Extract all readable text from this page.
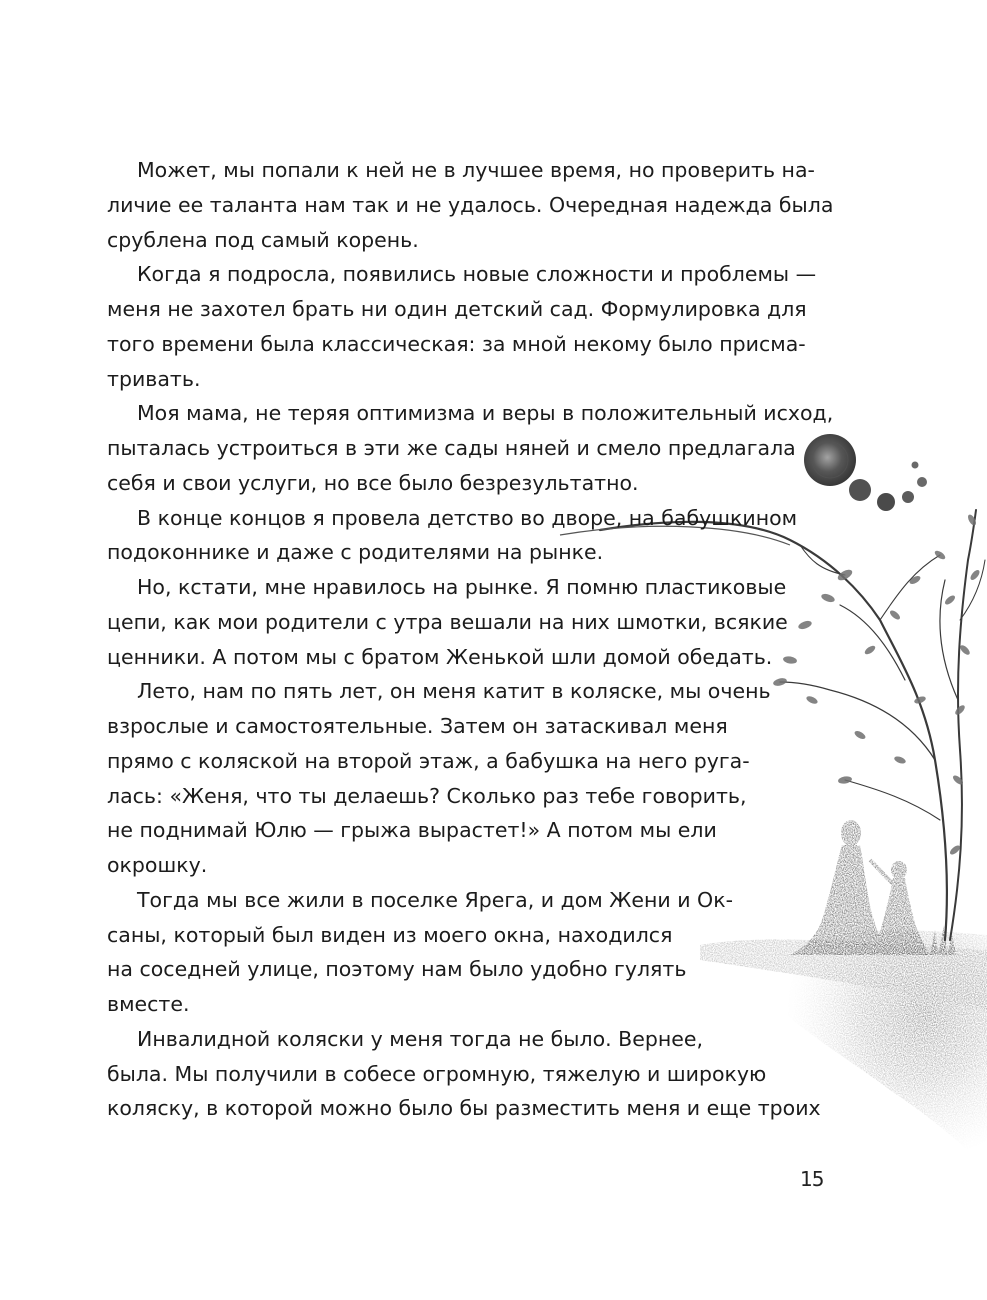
Может, мы попали к ней не в лучшее время, но проверить на-
личие ее таланта нам так и не удалось. Очередная надежда была
срублена под самый корень.
Когда я подросла, появились новые сложности и проблемы —
меня не захотел брать ни один детский сад. Формулировка для
того времени была классическая: за мной некому было присма-
тривать.
Моя мама, не теряя оптимизма и веры в положительный исход,
пыталась устроиться в эти же сады няней и смело предлагала
себя и свои услуги, но все было безрезультатно.
В конце концов я провела детство во дворе, на бабушкином
подоконнике и даже с родителями на рынке.
Но, кстати, мне нравилось на рынке. Я помню пластиковые
цепи, как мои родители с утра вешали на них шмотки, всякие
ценники. А потом мы с братом Женькой шли домой обедать.
Лето, нам по пять лет, он меня катит в коляске, мы очень
взрослые и самостоятельные. Затем он затаскивал меня
прямо с коляской на второй этаж, а бабушка на него руга-
лась: «Женя, что ты делаешь? Сколько раз тебе говорить,
не поднимай Юлю — грыжа вырастет!» А потом мы ели
окрошку.
Тогда мы все жили в поселке Ярега, и дом Жени и Ок-
саны, который был виден из моего окна, находился
на соседней улице, поэтому нам было удобно гулять
вместе.
Инвалидной коляски у меня тогда не было. Вернее,
была. Мы получили в собесе огромную, тяжелую и широкую
коляску, в которой можно было бы разместить меня и еще троих
15
